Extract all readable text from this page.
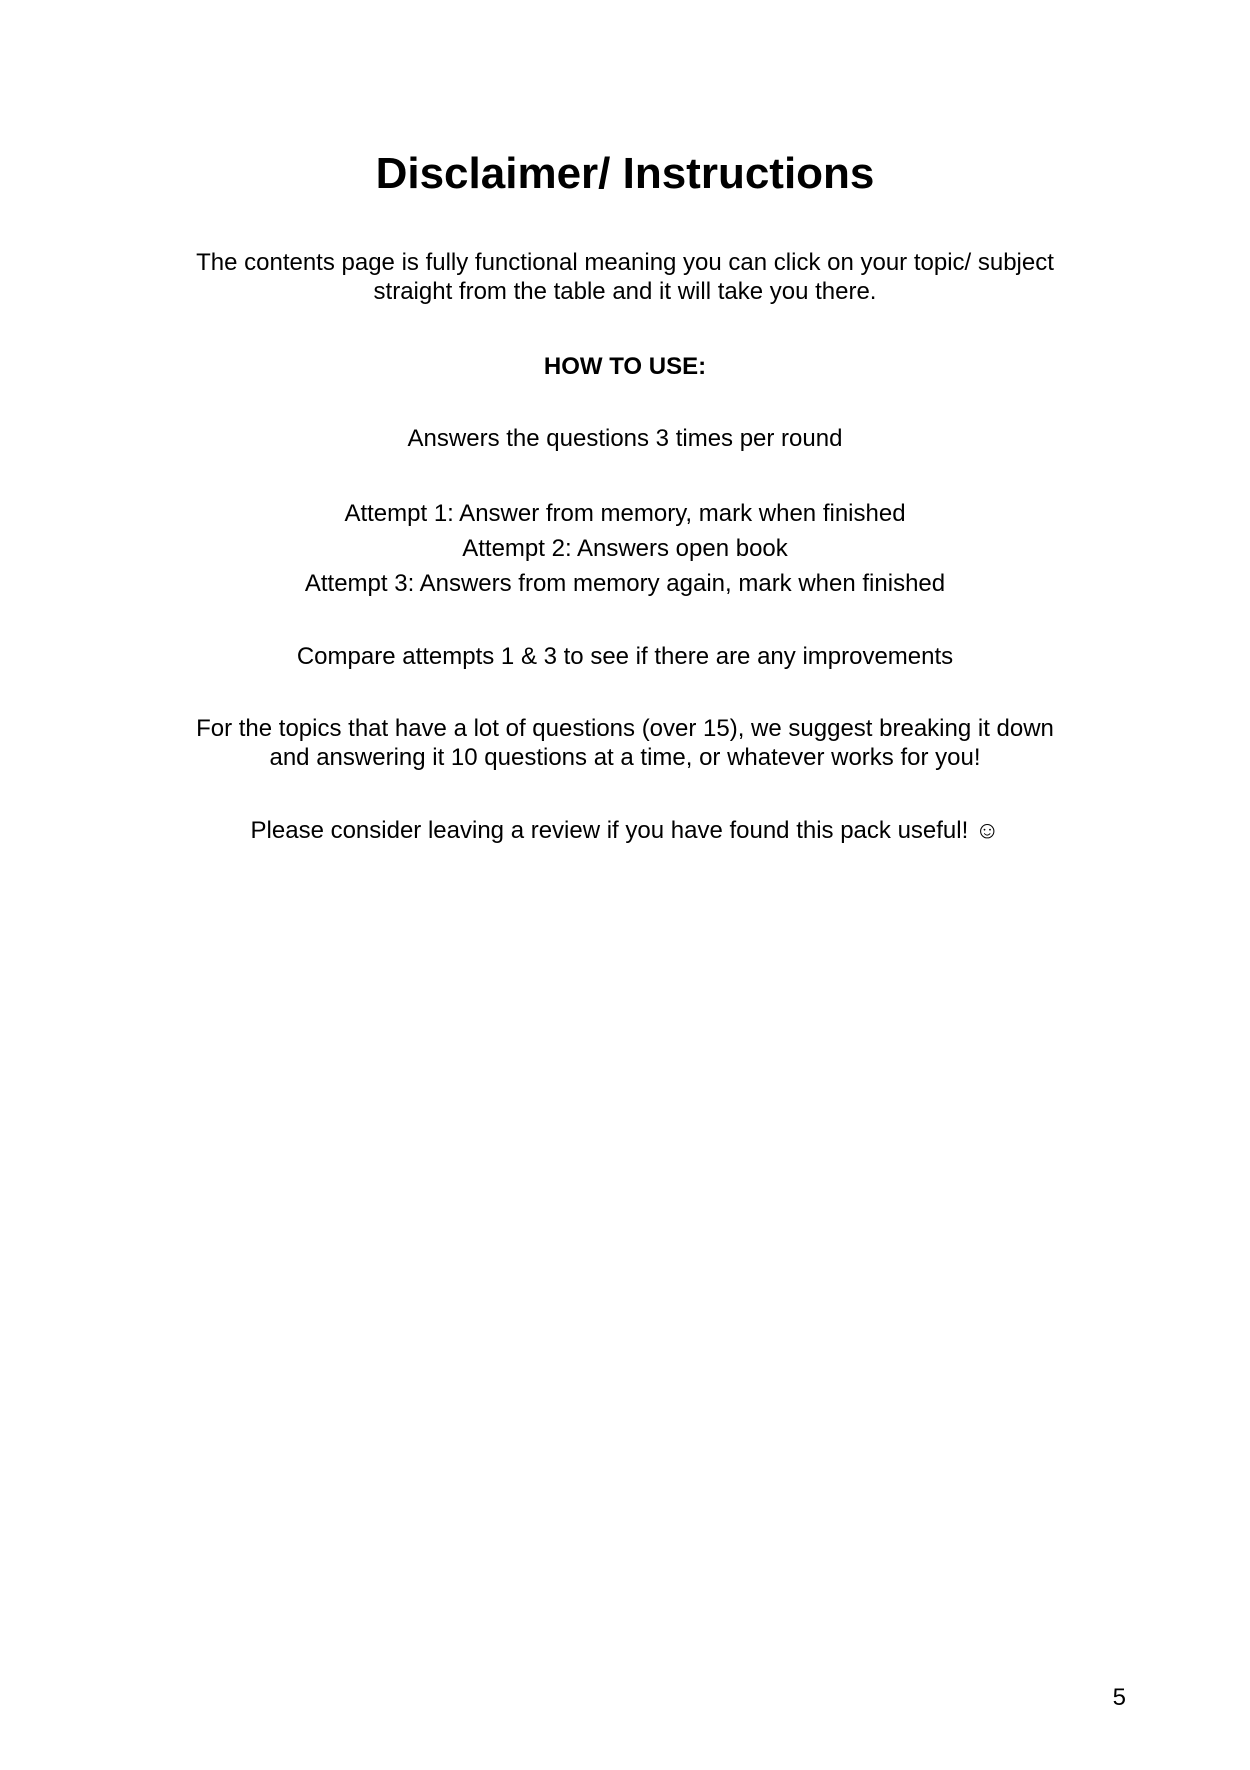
Disclaimer/ Instructions

The contents page is fully functional meaning you can click on your topic/ subject
straight from the table and it will take you there.

HOW TO USE:

Answers the questions 3 times per round

Attempt 1: Answer from memory, mark when finished
Attempt 2: Answers open book
Attempt 3: Answers from memory again, mark when finished

Compare attempts 1 & 3 to see if there are any improvements

For the topics that have a lot of questions (over 15), we suggest breaking it down
and answering it 10 questions at a time, or whatever works for you!

Please consider leaving a review if you have found this pack useful! ☺

5
